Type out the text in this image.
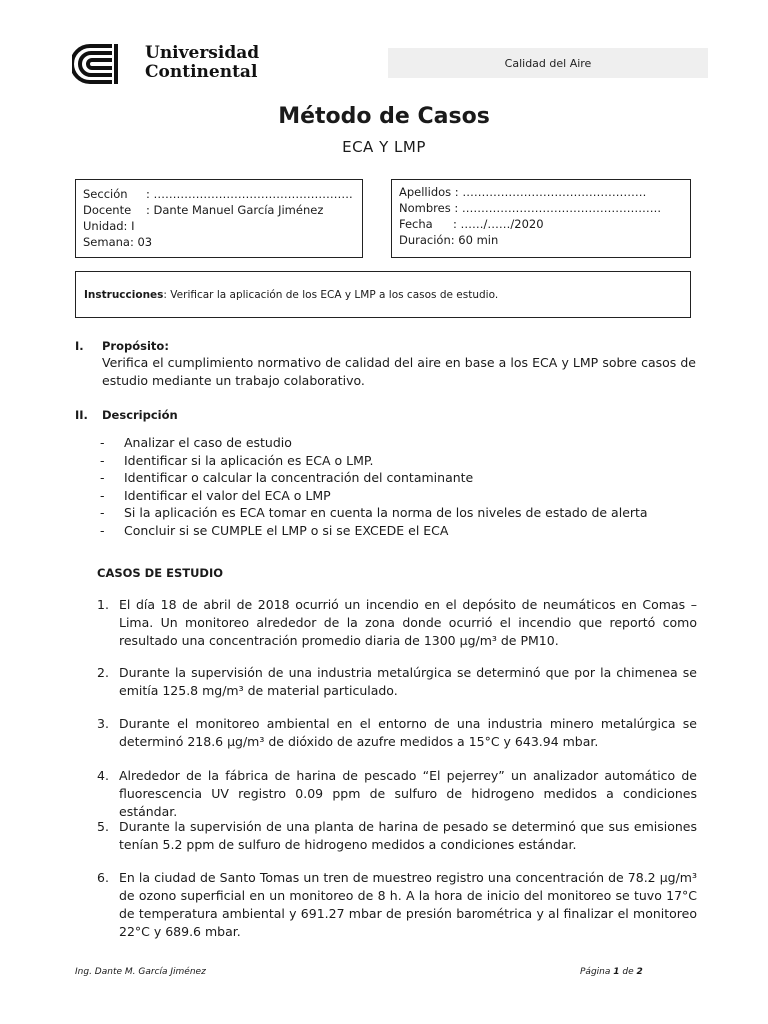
Universidad
Continental	Calidad del Aire
Método de Casos
ECA Y LMP
Sección	: …………………………………………….
Docente	: Dante Manuel García Jiménez
Unidad: I
Semana: 03
Apellidos : …………………………………………
Nombres : …………………………………………….
Fecha	: ……/……/2020
Duración: 60 min
Instrucciones : Verificar la aplicación de los ECA y LMP a los casos de estudio.
I. Propósito:
Verifica el cumplimiento normativo de calidad del aire en base a los ECA y LMP sobre casos de estudio mediante un trabajo colaborativo.
II. Descripción
-	Analizar el caso de estudio
-	Identificar si la aplicación es ECA o LMP.
-	Identificar o calcular la concentración del contaminante
-	Identificar el valor del ECA o LMP
-	Si la aplicación es ECA tomar en cuenta la norma de los niveles de estado de alerta
-	Concluir si se CUMPLE el LMP o si se EXCEDE el ECA
CASOS DE ESTUDIO
1. El día 18 de abril de 2018 ocurrió un incendio en el depósito de neumáticos en Comas – Lima. Un monitoreo alrededor de la zona donde ocurrió el incendio que reportó como resultado una concentración promedio diaria de 1300 µg/m³ de PM10.
2. Durante la supervisión de una industria metalúrgica se determinó que por la chimenea se emitía 125.8 mg/m³ de material particulado.
3. Durante el monitoreo ambiental en el entorno de una industria minero metalúrgica se determinó 218.6 µg/m³ de dióxido de azufre medidos a 15°C y 643.94 mbar.
4. Alrededor de la fábrica de harina de pescado “El pejerrey” un analizador automático de fluorescencia UV registro 0.09 ppm de sulfuro de hidrogeno medidos a condiciones estándar.
5. Durante la supervisión de una planta de harina de pesado se determinó que sus emisiones tenían 5.2 ppm de sulfuro de hidrogeno medidos a condiciones estándar.
6. En la ciudad de Santo Tomas un tren de muestreo registro una concentración de 78.2 µg/m³ de ozono superficial en un monitoreo de 8 h. A la hora de inicio del monitoreo se tuvo 17°C de temperatura ambiental y 691.27 mbar de presión barométrica y al finalizar el monitoreo 22°C y 689.6 mbar.
Ing. Dante M. García Jiménez	Página 1 de 2
